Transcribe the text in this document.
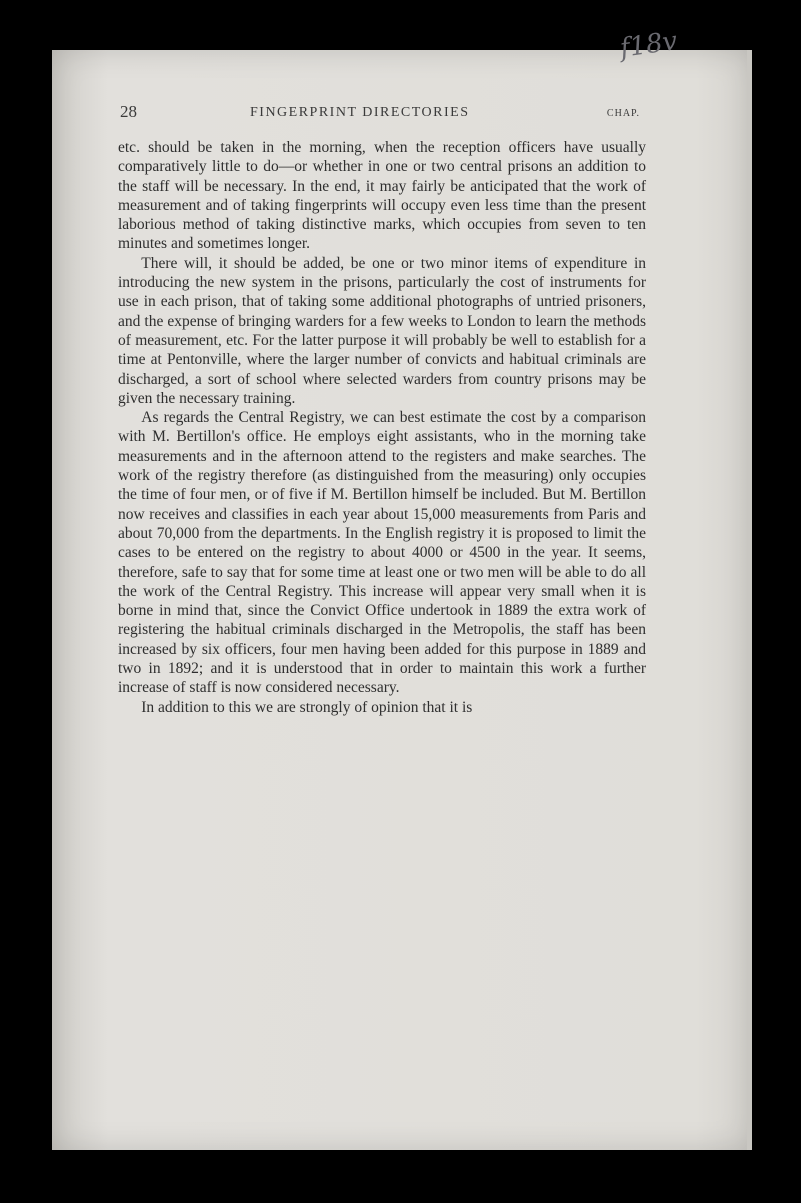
f18v
28	FINGERPRINT DIRECTORIES	CHAP.

etc. should be taken in the morning, when the reception officers have usually comparatively little to do—or whether in one or two central prisons an addition to the staff will be necessary. In the end, it may fairly be anticipated that the work of measurement and of taking fingerprints will occupy even less time than the present laborious method of taking distinctive marks, which occupies from seven to ten minutes and sometimes longer.

There will, it should be added, be one or two minor items of expenditure in introducing the new system in the prisons, particularly the cost of instruments for use in each prison, that of taking some additional photographs of untried prisoners, and the expense of bringing warders for a few weeks to London to learn the methods of measurement, etc. For the latter purpose it will probably be well to establish for a time at Pentonville, where the larger number of convicts and habitual criminals are discharged, a sort of school where selected warders from country prisons may be given the necessary training.

As regards the Central Registry, we can best estimate the cost by a comparison with M. Bertillon's office. He employs eight assistants, who in the morning take measurements and in the afternoon attend to the registers and make searches. The work of the registry therefore (as distinguished from the measuring) only occupies the time of four men, or of five if M. Bertillon himself be included. But M. Bertillon now receives and classifies in each year about 15,000 measurements from Paris and about 70,000 from the departments. In the English registry it is proposed to limit the cases to be entered on the registry to about 4000 or 4500 in the year. It seems, therefore, safe to say that for some time at least one or two men will be able to do all the work of the Central Registry. This increase will appear very small when it is borne in mind that, since the Convict Office undertook in 1889 the extra work of registering the habitual criminals discharged in the Metropolis, the staff has been increased by six officers, four men having been added for this purpose in 1889 and two in 1892; and it is understood that in order to maintain this work a further increase of staff is now considered necessary.

In addition to this we are strongly of opinion that it is
